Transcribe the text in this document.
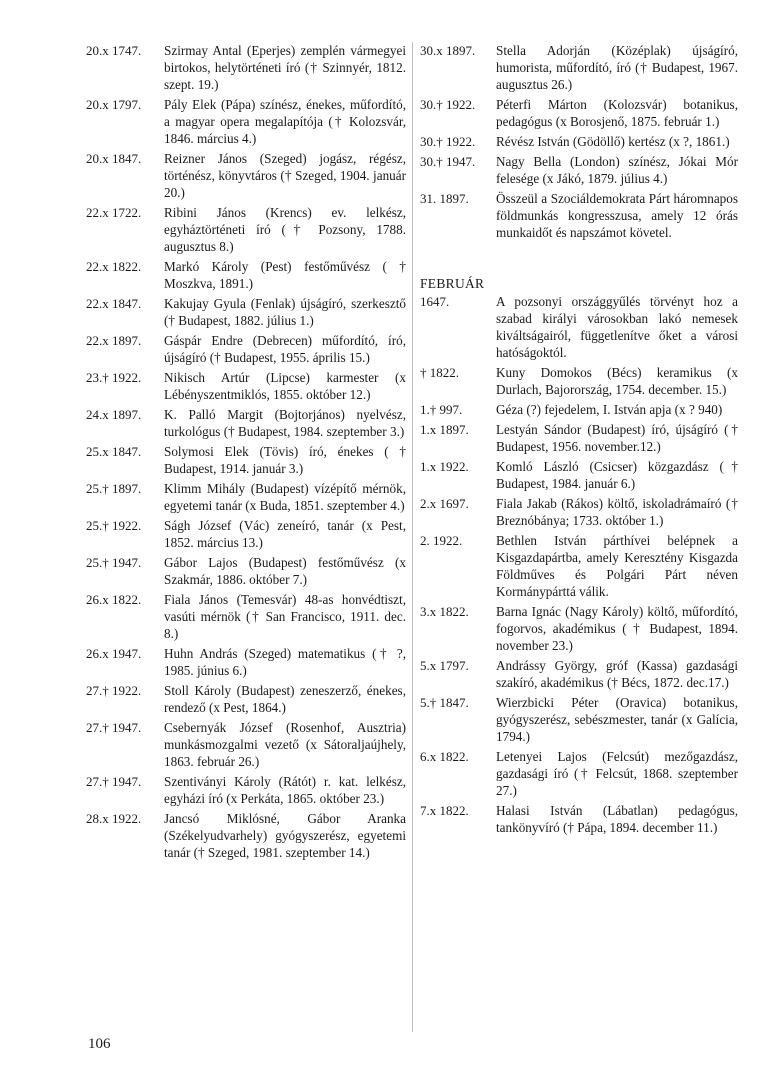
20.x 1747.	Szirmay Antal (Eperjes) zemplén vármegyei birtokos, helytörténeti író († Szinnyér, 1812. szept. 19.)
20.x 1797.	Pály Elek (Pápa) színész, énekes, műfordító, a magyar opera megalapítója († Kolozsvár, 1846. március 4.)
20.x 1847.	Reizner János (Szeged) jogász, régész, történész, könyvtáros († Szeged, 1904. január 20.)
22.x 1722.	Ribini János (Krencs) ev. lelkész, egyháztörténeti író († Pozsony, 1788. augusztus 8.)
22.x 1822.	Markó Károly (Pest) festőművész ( † Moszkva, 1891.)
22.x 1847.	Kakujay Gyula (Fenlak) újságíró, szerkesztő († Budapest, 1882. július 1.)
22.x 1897.	Gáspár Endre (Debrecen) műfordító, író, újságíró († Budapest, 1955. április 15.)
23.† 1922.	Nikisch Artúr (Lipcse) karmester (x Lébényszentmiklós, 1855. október 12.)
24.x 1897.	K. Palló Margit (Bojtorjános) nyelvész, turkológus († Budapest, 1984. szeptember 3.)
25.x 1847.	Solymosi Elek (Tövis) író, énekes ( † Budapest, 1914. január 3.)
25.† 1897.	Klimm Mihály (Budapest) vízépítő mérnök, egyetemi tanár (x Buda, 1851. szeptember 4.)
25.† 1922.	Ságh József (Vác) zeneíró, tanár (x Pest, 1852. március 13.)
25.† 1947.	Gábor Lajos (Budapest) festőművész (x Szakmár, 1886. október 7.)
26.x 1822.	Fiala János (Temesvár) 48-as honvédtiszt, vasúti mérnök († San Francisco, 1911. dec. 8.)
26.x 1947.	Huhn András (Szeged) matematikus († ?, 1985. június 6.)
27.† 1922.	Stoll Károly (Budapest) zeneszerző, énekes, rendező (x Pest, 1864.)
27.† 1947.	Csebernyák József (Rosenhof, Ausztria) munkásmozgalmi vezető (x Sátoraljaújhely, 1863. február 26.)
27.† 1947.	Szentiványi Károly (Rátót) r. kat. lelkész, egyházi író (x Perkáta, 1865. október 23.)
28.x 1922.	Jancsó Miklósné, Gábor Aranka (Székelyudvarhely) gyógyszerész, egyetemi tanár († Szeged, 1981. szeptember 14.)
30.x 1897.	Stella Adorján (Középlak) újságíró, humorista, műfordító, író († Budapest, 1967. augusztus 26.)
30.† 1922.	Péterfi Márton (Kolozsvár) botanikus, pedagógus (x Borosjenő, 1875. február 1.)
30.† 1922.	Révész István (Gödöllő) kertész (x ?, 1861.)
30.† 1947.	Nagy Bella (London) színész, Jókai Mór felesége (x Jákó, 1879. július 4.)
31. 1897.	Összeül a Szociáldemokrata Párt háromnapos földmunkás kongresszusa, amely 12 órás munkaidőt és napszámot követel.
FEBRUÁR
1647.	A pozsonyi országgyűlés törvényt hoz a szabad királyi városokban lakó nemesek kiváltságairól, függetlenítve őket a városi hatóságoktól.
† 1822.	Kuny Domokos (Bécs) keramikus (x Durlach, Bajorország, 1754. december. 15.)
1.† 997.	Géza (?) fejedelem, I. István apja (x ? 940)
1.x 1897.	Lestyán Sándor (Budapest) író, újságíró († Budapest, 1956. november.12.)
1.x 1922.	Komló László (Csicser) közgazdász († Budapest, 1984. január 6.)
2.x 1697.	Fiala Jakab (Rákos) költő, iskoladrámaíró († Breznóbánya; 1733. október 1.)
2. 1922.	Bethlen István párthívei belépnek a Kisgazdapártba, amely Keresztény Kisgazda Földműves és Polgári Párt néven Kormánypárttá válik.
3.x 1822.	Barna Ignác (Nagy Károly) költő, műfordító, fogorvos, akadémikus ( † Budapest, 1894. november 23.)
5.x 1797.	Andrássy György, gróf (Kassa) gazdasági szakíró, akadémikus († Bécs, 1872. dec.17.)
5.† 1847.	Wierzbicki Péter (Oravica) botanikus, gyógyszerész, sebészmester, tanár (x Galícia, 1794.)
6.x 1822.	Letenyei Lajos (Felcsút) mezőgazdász, gazdasági író († Felcsút, 1868. szeptember 27.)
7.x 1822.	Halasi István (Lábatlan) pedagógus, tankönyvíró († Pápa, 1894. december 11.)
106
